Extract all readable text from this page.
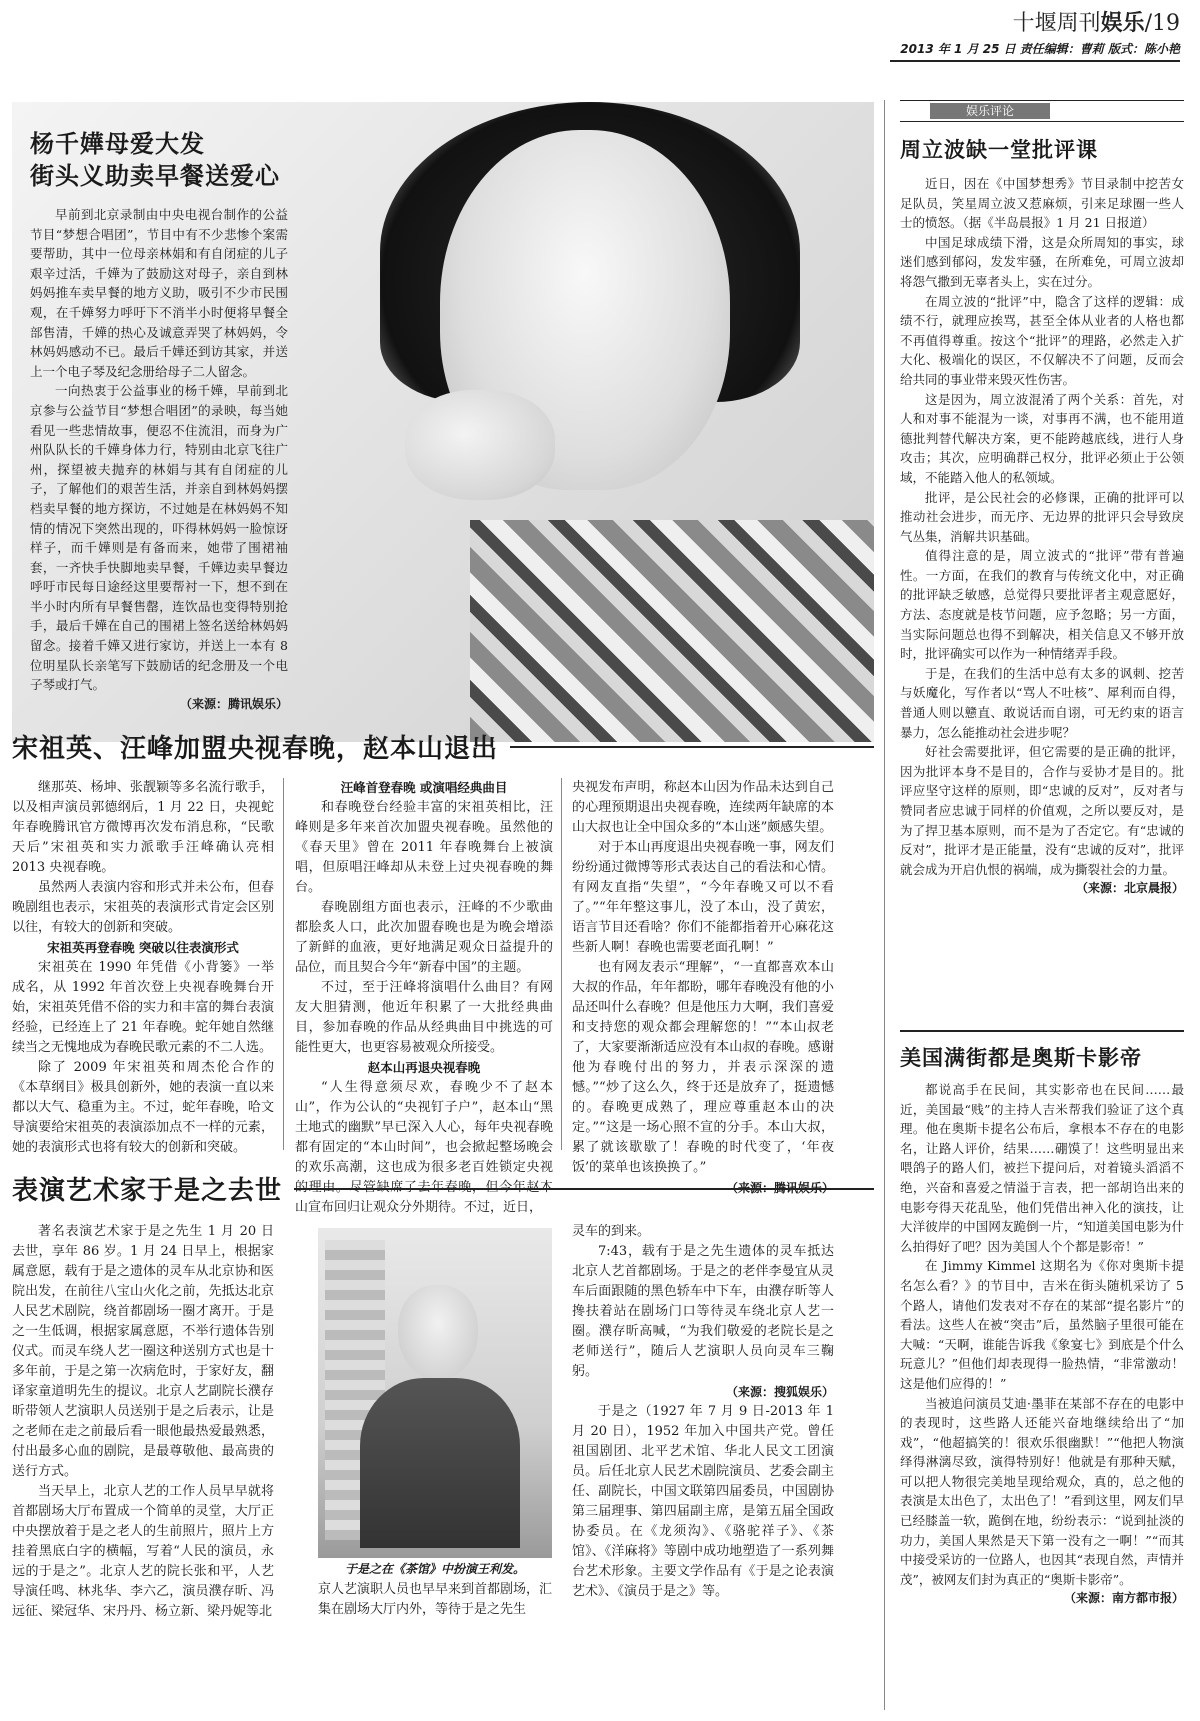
十堰周刊娱乐/19
2013 年 1 月 25 日 责任编辑：曹莉 版式：陈小艳
杨千嬅母爱大发
街头义助卖早餐送爱心

早前到北京录制由中央电视台制作的公益节目“梦想合唱团”，节目中有不少悲惨个案需要帮助，其中一位母亲林娟和有自闭症的儿子艰辛过活，千嬅为了鼓励这对母子，亲自到林妈妈推车卖早餐的地方义助，吸引不少市民围观，在千嬅努力呼吁下不消半小时便将早餐全部售清，千嬅的热心及诚意弄哭了林妈妈，令林妈妈感动不已。最后千嬅还到访其家，并送上一个电子琴及纪念册给母子二人留念。

一向热衷于公益事业的杨千嬅，早前到北京参与公益节目“梦想合唱团”的录映，每当她看见一些悲情故事，便忍不住流泪，而身为广州队队长的千嬅身体力行，特别由北京飞往广州，探望被夫抛弃的林娟与其有自闭症的儿子，了解他们的艰苦生活，并亲自到林妈妈摆档卖早餐的地方探访，不过她是在林妈妈不知情的情况下突然出现的，吓得林妈妈一脸惊讶样子，而千嬅则是有备而来，她带了围裙袖套，一齐快手快脚地卖早餐，千嬅边卖早餐边呼吁市民每日途经这里要帮衬一下，想不到在半小时内所有早餐售罄，连饮品也变得特别抢手，最后千嬅在自己的围裙上签名送给林妈妈留念。接着千嬅又进行家访，并送上一本有 8 位明星队长亲笔写下鼓励话的纪念册及一个电子琴或打气。

（来源：腾讯娱乐）
宋祖英、汪峰加盟央视春晚，赵本山退出

继那英、杨坤、张靓颖等多名流行歌手，以及相声演员郭德纲后，1 月 22 日，央视蛇年春晚腾讯官方微博再次发布消息称，“民歌天后”宋祖英和实力派歌手汪峰确认亮相 2013 央视春晚。

虽然两人表演内容和形式并未公布，但春晚剧组也表示，宋祖英的表演形式肯定会区别以往，有较大的创新和突破。

宋祖英再登春晚 突破以往表演形式

宋祖英在 1990 年凭借《小背篓》一举成名，从 1992 年首次登上央视春晚舞台开始，宋祖英凭借不俗的实力和丰富的舞台表演经验，已经连上了 21 年春晚。蛇年她自然继续当之无愧地成为春晚民歌元素的不二人选。

除了 2009 年宋祖英和周杰伦合作的《本草纲目》极具创新外，她的表演一直以来都以大气、稳重为主。不过，蛇年春晚，哈文导演要给宋祖英的表演添加点不一样的元素，她的表演形式也将有较大的创新和突破。

汪峰首登春晚 或演唱经典曲目

和春晚登台经验丰富的宋祖英相比，汪峰则是多年来首次加盟央视春晚。虽然他的《春天里》曾在 2011 年春晚舞台上被演唱，但原唱汪峰却从未登上过央视春晚的舞台。

春晚剧组方面也表示，汪峰的不少歌曲都脍炙人口，此次加盟春晚也是为晚会增添了新鲜的血液，更好地满足观众日益提升的品位，而且契合今年“新春中国”的主题。

不过，至于汪峰将演唱什么曲目？有网友大胆猜测，他近年积累了一大批经典曲目，参加春晚的作品从经典曲目中挑选的可能性更大，也更容易被观众所接受。

赵本山再退央视春晚

“人生得意须尽欢，春晚少不了赵本山”，作为公认的“央视钉子户”，赵本山“黑土地式的幽默”早已深入人心，每年央视春晚都有固定的“本山时间”，也会掀起整场晚会的欢乐高潮，这也成为很多老百姓锁定央视的理由。尽管缺席了去年春晚，但今年赵本山宣布回归让观众分外期待。不过，近日，

央视发布声明，称赵本山因为作品未达到自己的心理预期退出央视春晚，连续两年缺席的本山大叔也让全中国众多的“本山迷”颇感失望。

对于本山再度退出央视春晚一事，网友们纷纷通过微博等形式表达自己的看法和心情。有网友直指“失望”，“今年春晚又可以不看了。”“年年整这事儿，没了本山，没了黄宏，语言节目还看啥？你们不能都指着开心麻花这些新人啊！春晚也需要老面孔啊！”

也有网友表示“理解”，“一直都喜欢本山大叔的作品，年年都盼，哪年春晚没有他的小品还叫什么春晚？但是他压力大啊，我们喜爱和支持您的观众都会理解您的！”“本山叔老了，大家要渐渐适应没有本山叔的春晚。感谢他为春晚付出的努力，并表示深深的遗憾。”“炒了这么久，终于还是放弃了，挺遗憾的。春晚更成熟了，理应尊重赵本山的决定。”“这是一场心照不宣的分手。本山大叔，累了就该歇歇了！春晚的时代变了，‘年夜饭’的菜单也该换换了。”

（来源：腾讯娱乐）
表演艺术家于是之去世

著名表演艺术家于是之先生 1 月 20 日去世，享年 86 岁。1 月 24 日早上，根据家属意愿，载有于是之遗体的灵车从北京协和医院出发，在前往八宝山火化之前，先抵达北京人民艺术剧院，绕首都剧场一圈才离开。于是之一生低调，根据家属意愿，不举行遗体告别仪式。而灵车绕人艺一圈这种送别方式也是十多年前，于是之第一次病危时，于家好友，翻译家童道明先生的提议。北京人艺副院长濮存昕带领人艺演职人员送别于是之后表示，让是之老师在走之前最后看一眼他最热爱最熟悉，付出最多心血的剧院，是最尊敬他、最高贵的送行方式。

当天早上，北京人艺的工作人员早早就将首都剧场大厅布置成一个简单的灵堂，大厅正中央摆放着于是之老人的生前照片，照片上方挂着黑底白字的横幅，写着“人民的演员，永远的于是之”。北京人艺的院长张和平，人艺导演任鸣、林兆华、李六乙，演员濮存昕、冯远征、梁冠华、宋丹丹、杨立新、梁丹妮等北

于是之在《茶馆》中扮演王利发。

京人艺演职人员也早早来到首都剧场，汇集在剧场大厅内外，等待于是之先生

灵车的到来。

7:43，载有于是之先生遗体的灵车抵达北京人艺首都剧场。于是之的老伴李曼宜从灵车后面跟随的黑色轿车中下车，由濮存昕等人搀扶着站在剧场门口等待灵车绕北京人艺一圈。濮存昕高喊，“为我们敬爱的老院长是之老师送行”，随后人艺演职人员向灵车三鞠躬。

（来源：搜狐娱乐）

于是之（1927 年 7 月 9 日-2013 年 1 月 20 日），1952 年加入中国共产党。曾任祖国剧团、北平艺术馆、华北人民文工团演员。后任北京人民艺术剧院演员、艺委会副主任、副院长，中国文联第四届委员，中国剧协第三届理事、第四届副主席，是第五届全国政协委员。在《龙须沟》、《骆驼祥子》、《茶馆》、《洋麻将》等剧中成功地塑造了一系列舞台艺术形象。主要文学作品有《于是之论表演艺术》、《演员于是之》等。

娱乐评论
周立波缺一堂批评课

近日，因在《中国梦想秀》节目录制中挖苦女足队员，笑星周立波又惹麻烦，引来足球圈一些人士的愤怒。（据《半岛晨报》1 月 21 日报道）

中国足球成绩下滑，这是众所周知的事实，球迷们感到郁闷，发发牢骚，在所难免，可周立波却将怨气撒到无辜者头上，实在过分。

在周立波的“批评”中，隐含了这样的逻辑：成绩不行，就理应挨骂，甚至全体从业者的人格也都不再值得尊重。按这个“批评”的理路，必然走入扩大化、极端化的误区，不仅解决不了问题，反而会给共同的事业带来毁灭性伤害。

这是因为，周立波混淆了两个关系：首先，对人和对事不能混为一谈，对事再不满，也不能用道德批判替代解决方案，更不能跨越底线，进行人身攻击；其次，应明确群己权分，批评必须止于公领域，不能踏入他人的私领域。

批评，是公民社会的必修课，正确的批评可以推动社会进步，而无序、无边界的批评只会导致戾气丛集，消解共识基础。

值得注意的是，周立波式的“批评”带有普遍性。一方面，在我们的教育与传统文化中，对正确的批评缺乏敏感，总觉得只要批评者主观意愿好，方法、态度就是枝节问题，应予忽略；另一方面，当实际问题总也得不到解决，相关信息又不够开放时，批评确实可以作为一种情绪弄手段。

于是，在我们的生活中总有太多的讽刺、挖苦与妖魔化，写作者以“骂人不吐核”、犀利而自得，普通人则以戆直、敢说话而自诩，可无约束的语言暴力，怎么能推动社会进步呢？

好社会需要批评，但它需要的是正确的批评，因为批评本身不是目的，合作与妥协才是目的。批评应坚守这样的原则，即“忠诚的反对”，反对者与赞同者应忠诚于同样的价值观，之所以要反对，是为了捍卫基本原则，而不是为了否定它。有“忠诚的反对”，批评才是正能量，没有“忠诚的反对”，批评就会成为开启仇恨的祸端，成为撕裂社会的力量。

（来源：北京晨报）
美国满街都是奥斯卡影帝

都说高手在民间，其实影帝也在民间……最近，美国最“贱”的主持人吉米帮我们验证了这个真理。他在奥斯卡提名公布后，拿根本不存在的电影名，让路人评价，结果……硼馍了！这些明显出来喂鸽子的路人们，被拦下提问后，对着镜头滔滔不绝，兴奋和喜爱之情溢于言表，把一部胡诌出来的电影夸得天花乱坠，他们凭借出神入化的演技，让大洋彼岸的中国网友跪倒一片，“知道美国电影为什么拍得好了吧？因为美国人个个都是影帝！”

在 Jimmy Kimmel 这期名为《你对奥斯卡提名怎么看？》的节目中，吉米在街头随机采访了 5 个路人，请他们发表对不存在的某部“提名影片”的看法。这些人在被“突击”后，虽然脑子里很可能在大喊：“天啊，谁能告诉我《象宴七》到底是个什么玩意儿？”但他们却表现得一脸热情，“非常激动！这是他们应得的！”

当被追问演员艾迪·墨菲在某部不存在的电影中的表现时，这些路人还能兴奋地继续给出了“加戏”，“他超搞笑的！很欢乐很幽默！”“他把人物演绎得淋漓尽致，演得特别好！他就是有那种天赋，可以把人物很完美地呈现给观众，真的，总之他的表演是太出色了，太出色了！”看到这里，网友们早已经膝盖一软，跪倒在地，纷纷表示：“说到扯淡的功力，美国人果然是天下第一没有之一啊！”“而其中接受采访的一位路人，也因其“表现自然，声情并茂”，被网友们封为真正的“奥斯卡影帝”。

（来源：南方都市报）
